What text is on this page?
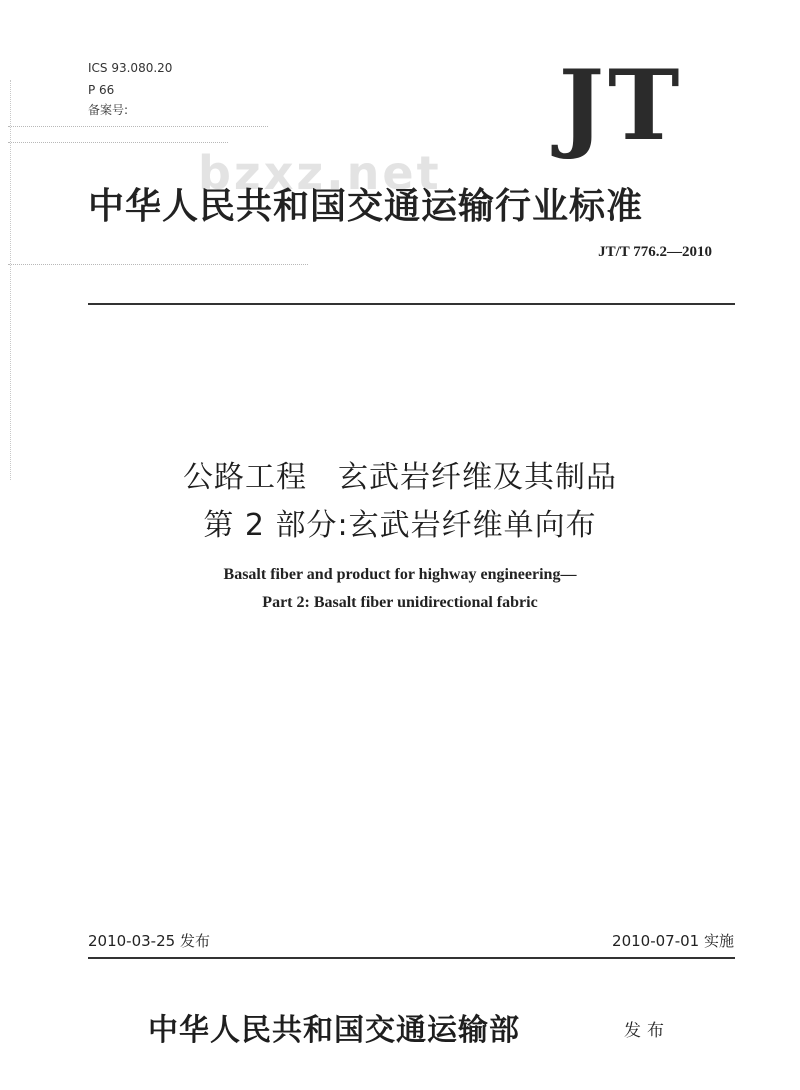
ICS 93.080.20
P 66
备案号:	JT
bzxz.net
中华人民共和国交通运输行业标准
JT/T 776.2—2010
公路工程　玄武岩纤维及其制品
第 2 部分:玄武岩纤维单向布
Basalt fiber and product for highway engineering—
Part 2: Basalt fiber unidirectional fabric
2010-03-25 发布	2010-07-01 实施
中华人民共和国交通运输部	发布
